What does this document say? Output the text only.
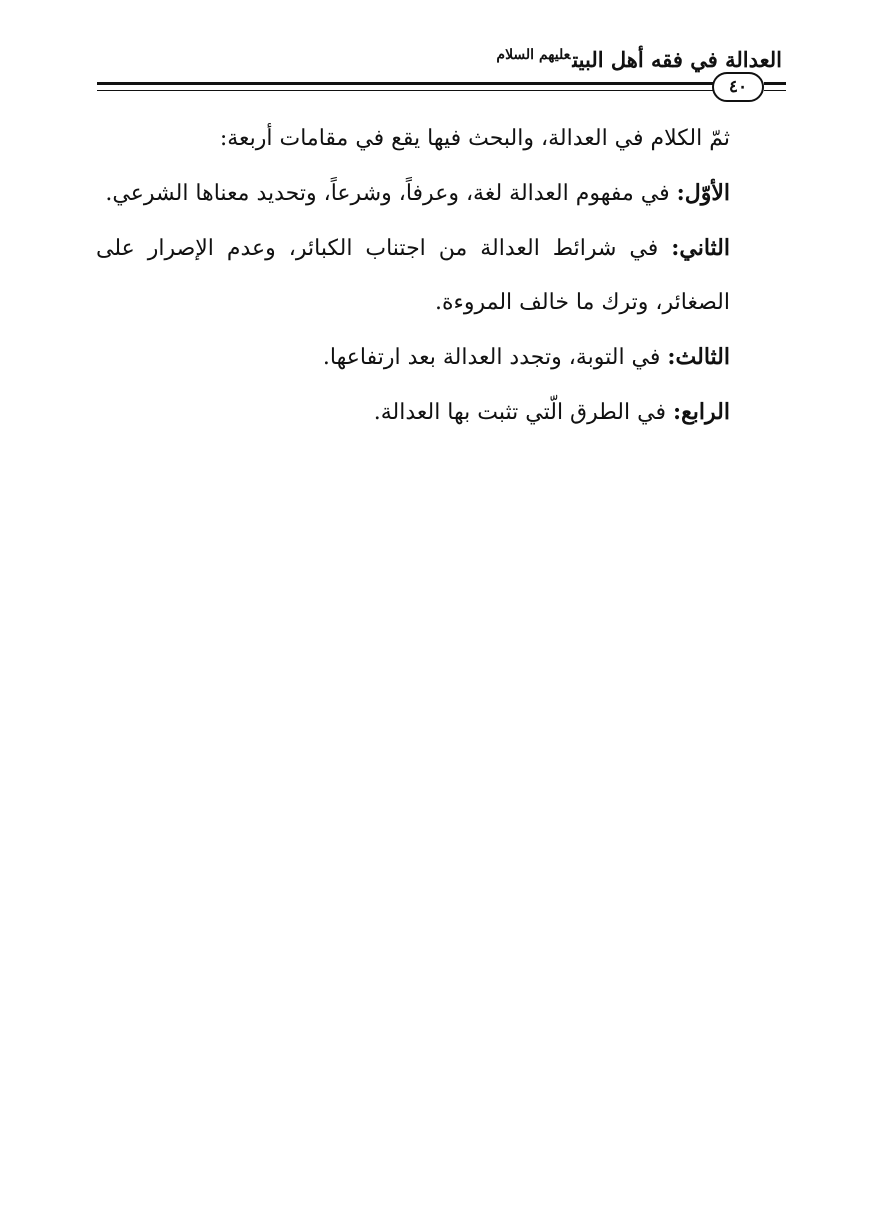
العدالة في فقه أهل البيت$^{عليهم السلام}$
٤٠

ثمّ الكلام في العدالة، والبحث فيها يقع في مقامات أربعة:

الأوّل: في مفهوم العدالة لغة، وعرفاً، وشرعاً، وتحديد معناها الشرعي.

الثاني: في شرائط العدالة من اجتناب الكبائر، وعدم الإصرار على الصغائر، وترك ما خالف المروءة.

الثالث: في التوبة، وتجدد العدالة بعد ارتفاعها.

الرابع: في الطرق الّتي تثبت بها العدالة.
